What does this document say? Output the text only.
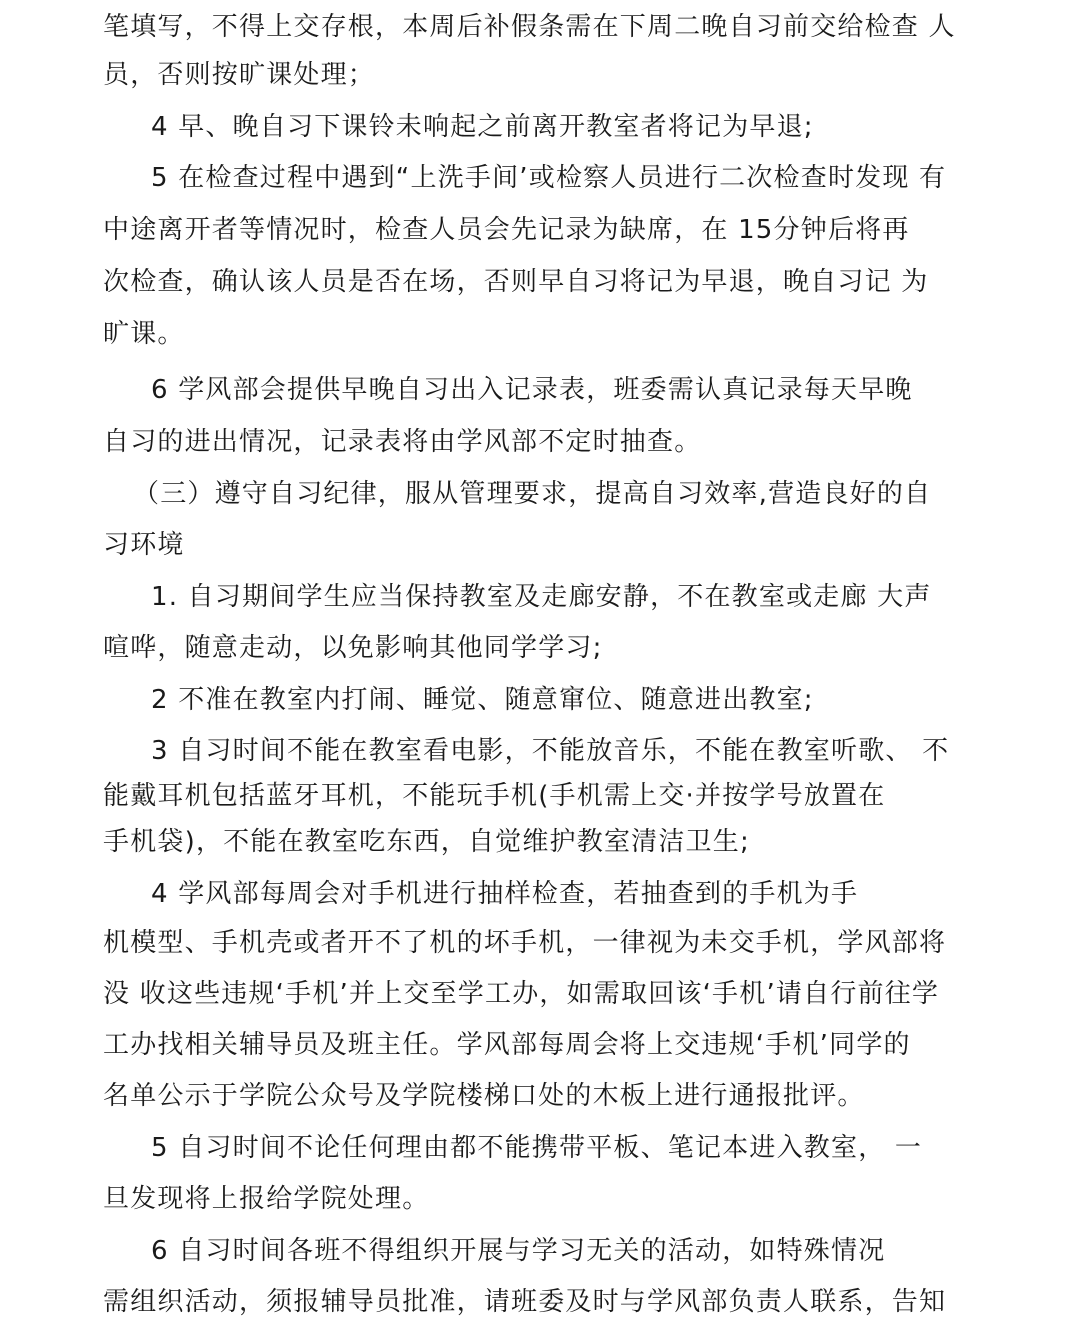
笔填写，不得上交存根，本周后补假条需在下周二晚自习前交给检查 人
员，否则按旷课处理；
4 早、晚自习下课铃未响起之前离开教室者将记为早退;
5 在检查过程中遇到“上洗手间’或检察人员进行二次检查时发现 有
中途离开者等情况时，检查人员会先记录为缺席，在 15分钟后将再
次检查，确认该人员是否在场，否则早自习将记为早退，晚自习记 为
旷课。
6 学风部会提供早晚自习出入记录表，班委需认真记录每天早晚
自习的进出情况，记录表将由学风部不定时抽查。
（三）遵守自习纪律，服从管理要求，提高自习效率,营造良好的自
习环境
1. 自习期间学生应当保持教室及走廊安静，不在教室或走廊 大声
喧哗，随意走动，以免影响其他同学学习;
2 不准在教室内打闹、睡觉、随意窜位、随意进出教室;
3 自习时间不能在教室看电影，不能放音乐，不能在教室听歌、 不
能戴耳机包括蓝牙耳机，不能玩手机(手机需上交·并按学号放置在
手机袋)，不能在教室吃东西，自觉维护教室清洁卫生;
4 学风部每周会对手机进行抽样检查，若抽查到的手机为手
机模型、手机壳或者开不了机的坏手机，一律视为未交手机，学风部将
没 收这些违规‘手机’并上交至学工办，如需取回该‘手机’请自行前往学
工办找相关辅导员及班主任。学风部每周会将上交违规‘手机’同学的
名单公示于学院公众号及学院楼梯口处的木板上进行通报批评。
5 自习时间不论任何理由都不能携带平板、笔记本进入教室， 一
旦发现将上报给学院处理。
6 自习时间各班不得组织开展与学习无关的活动，如特殊情况
需组织活动，须报辅导员批准，请班委及时与学风部负责人联系，告知
